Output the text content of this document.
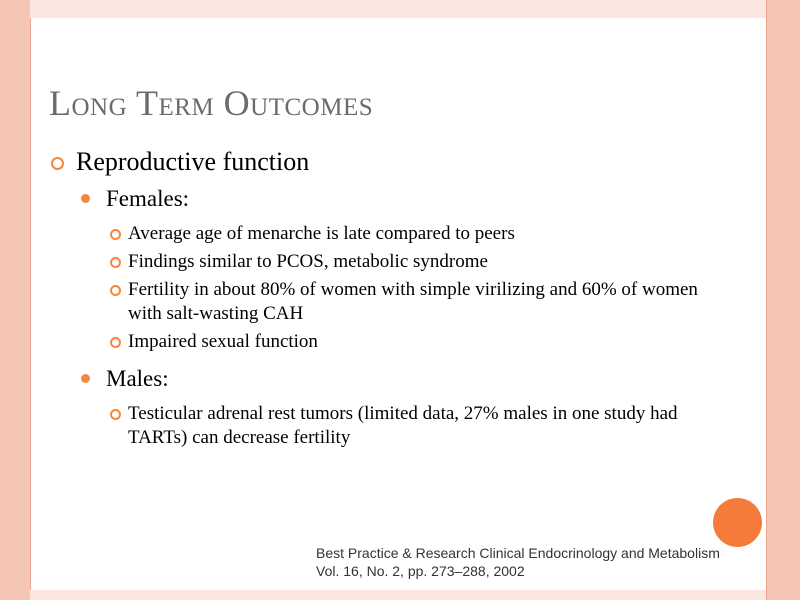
Long Term Outcomes
Reproductive function
Females:
Average age of menarche is late compared to peers
Findings similar to PCOS, metabolic syndrome
Fertility in about 80% of women with simple virilizing and 60% of women with salt-wasting CAH
Impaired sexual function
Males:
Testicular adrenal rest tumors (limited data, 27% males in one study had TARTs) can decrease fertility
Best Practice & Research Clinical Endocrinology and Metabolism
Vol. 16, No. 2, pp. 273–288, 2002
